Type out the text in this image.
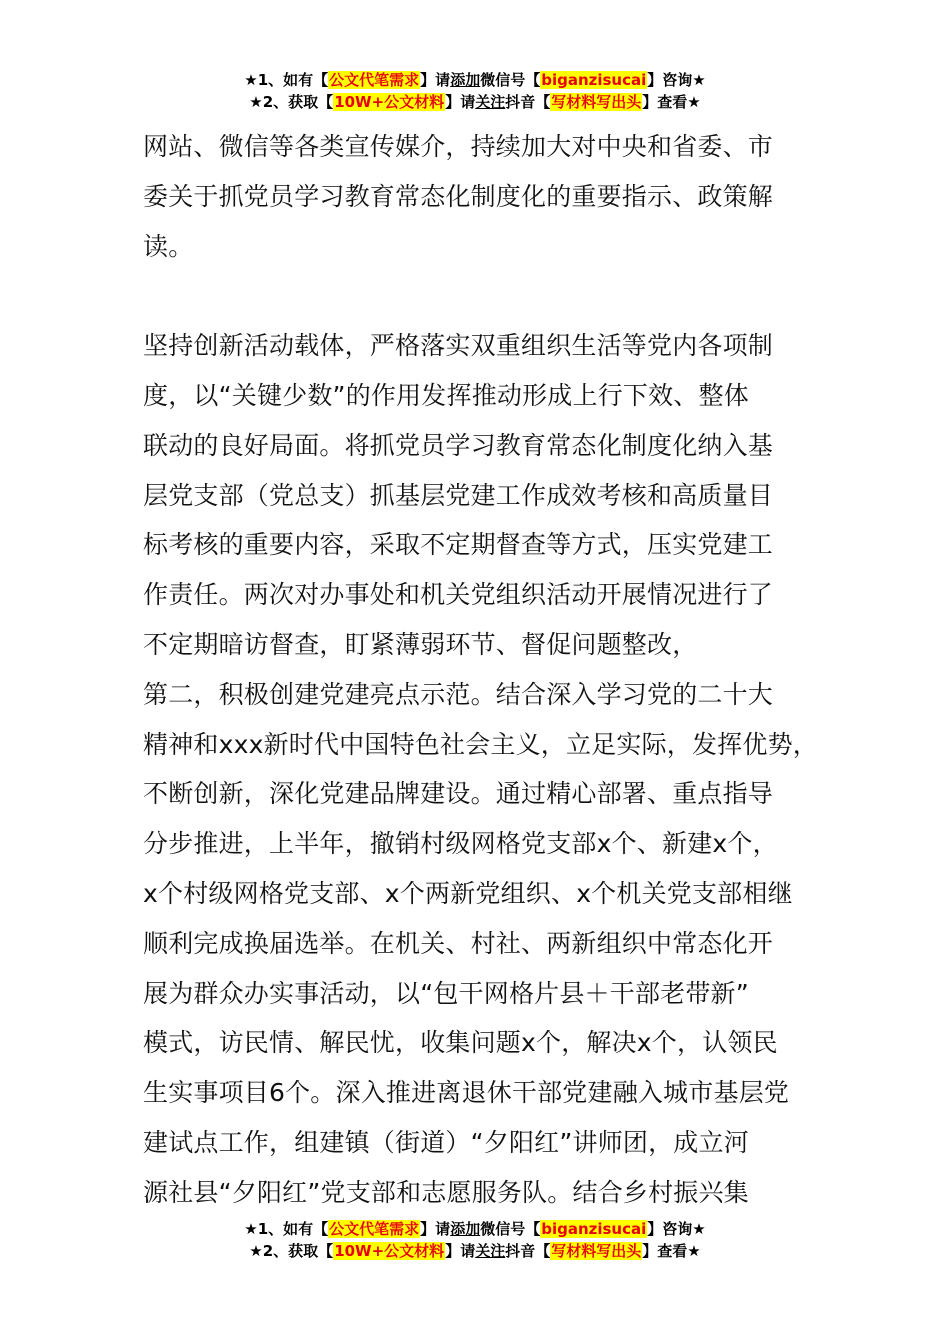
★1、如有【公文代笔需求】请添加微信号【biganzisucai】咨询★
★2、获取【10W+公文材料】请关注抖音【写材料写出头】查看★
网站、微信等各类宣传媒介，持续加大对中央和省委、市
委关于抓党员学习教育常态化制度化的重要指示、政策解
读。
坚持创新活动载体，严格落实双重组织生活等党内各项制
度，以“关键少数”的作用发挥推动形成上行下效、整体
联动的良好局面。将抓党员学习教育常态化制度化纳入基
层党支部（党总支）抓基层党建工作成效考核和高质量目
标考核的重要内容，采取不定期督查等方式，压实党建工
作责任。两次对办事处和机关党组织活动开展情况进行了
不定期暗访督查，盯紧薄弱环节、督促问题整改，
第二，积极创建党建亮点示范。结合深入学习党的二十大
精神和xxx新时代中国特色社会主义，立足实际，发挥优势，
不断创新，深化党建品牌建设。通过精心部署、重点指导
分步推进，上半年，撤销村级网格党支部x个、新建x个，
x个村级网格党支部、x个两新党组织、x个机关党支部相继
顺利完成换届选举。在机关、村社、两新组织中常态化开
展为群众办实事活动，以“包干网格片县＋干部老带新”
模式，访民情、解民忧，收集问题x个，解决x个，认领民
生实事项目6个。深入推进离退休干部党建融入城市基层党
建试点工作，组建镇（街道）“夕阳红”讲师团，成立河
源社县“夕阳红”党支部和志愿服务队。结合乡村振兴集
★1、如有【公文代笔需求】请添加微信号【biganzisucai】咨询★
★2、获取【10W+公文材料】请关注抖音【写材料写出头】查看★
